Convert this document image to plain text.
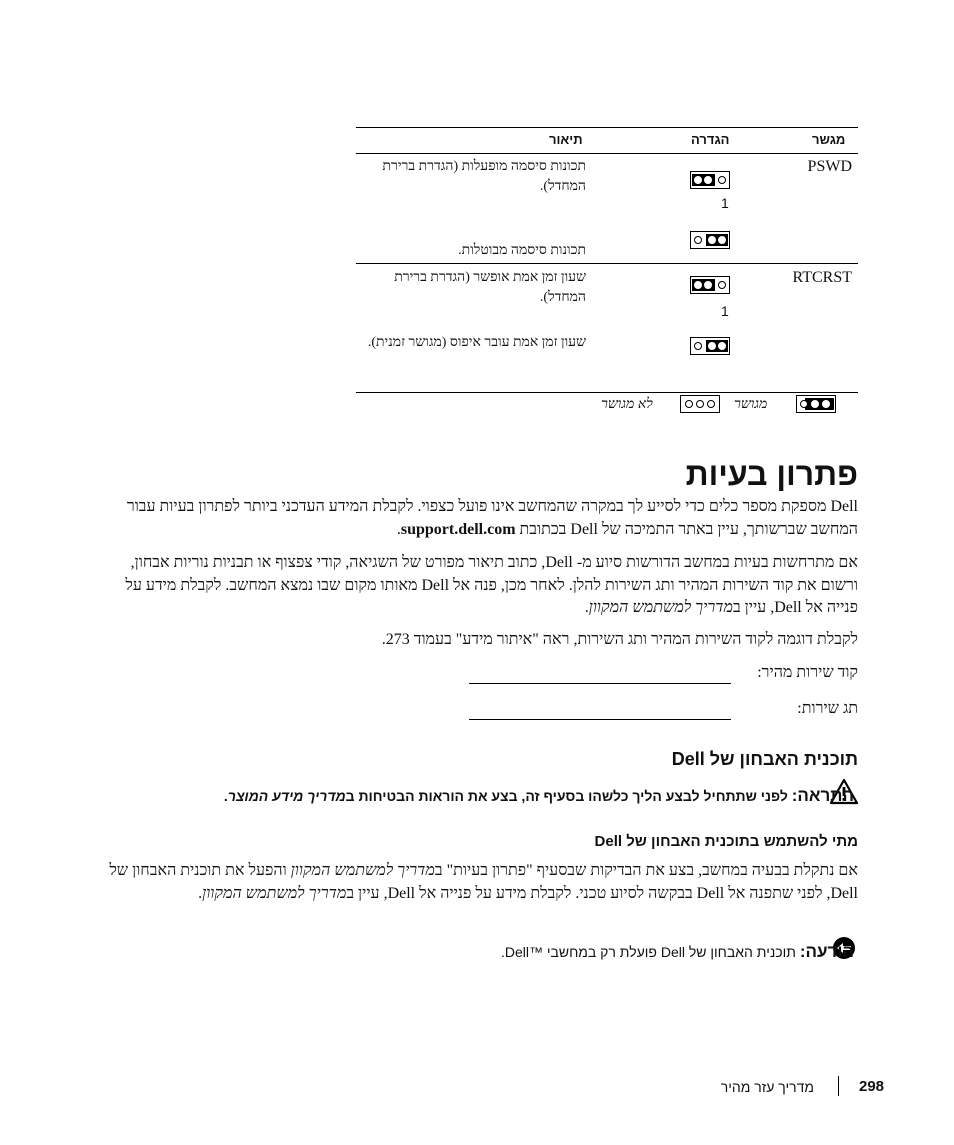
מגשר
הגדרה
תיאור
PSWD
1
תכונות סיסמה מופעלות (הגדרת ברירת המחדל).
תכונות סיסמה מבוטלות.
RTCRST
1
שעון זמן אמת אופשר (הגדרת ברירת המחדל).
שעון זמן אמת עובר איפוס (מגושר זמנית).
מגושר
לא מגושר
פתרון בעיות

Dell מספקת מספר כלים כדי לסייע לך במקרה שהמחשב אינו פועל כצפוי. לקבלת המידע העדכני ביותר לפתרון בעיות עבור המחשב שברשותך, עיין באתר התמיכה של Dell בכתובת support.dell.com.

אם מתרחשות בעיות במחשב הדורשות סיוע מ- Dell, כתוב תיאור מפורט של השגיאה, קודי צפצוף או תבניות נוריות אבחון, ורשום את קוד השירות המהיר ותג השירות להלן. לאחר מכן, פנה אל Dell מאותו מקום שבו נמצא המחשב. לקבלת מידע על פנייה אל Dell, עיין במדריך למשתמש המקוון.

לקבלת דוגמה לקוד השירות המהיר ותג השירות, ראה "איתור מידע" בעמוד 273.

קוד שירות מהיר:
תג שירות:
תוכנית האבחון של Dell
התראה: לפני שתתחיל לבצע הליך כלשהו בסעיף זה, בצע את הוראות הבטיחות במדריך מידע המוצר.
מתי להשתמש בתוכנית האבחון של Dell

אם נתקלת בבעיה במחשב, בצע את הבדיקות שבסעיף "פתרון בעיות" במדריך למשתמש המקוון והפעל את תוכנית האבחון של Dell, לפני שתפנה אל Dell בבקשה לסיוע טכני. לקבלת מידע על פנייה אל Dell, עיין במדריך למשתמש המקוון.

הודעה: תוכנית האבחון של Dell פועלת רק במחשבי ™Dell.
298
מדריך עזר מהיר
